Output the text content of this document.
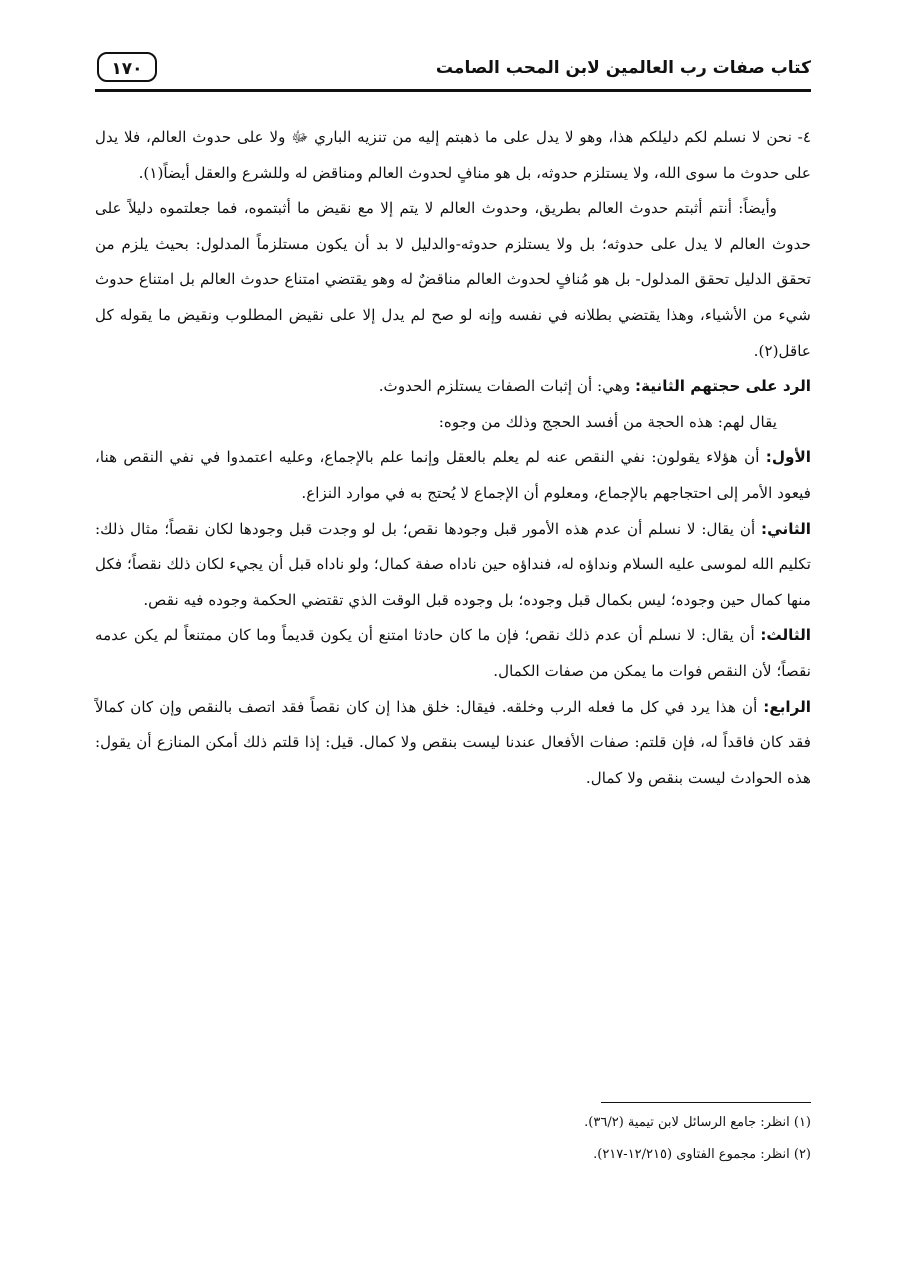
كتاب صفات رب العالمين لابن المحب الصامت
١٧٠

٤- نحن لا نسلم لكم دليلكم هذا، وهو لا يدل على ما ذهبتم إليه من تنزيه الباري ﷻ ولا على حدوث العالم، فلا يدل على حدوث ما سوى الله، ولا يستلزم حدوثه، بل هو منافٍ لحدوث العالم ومناقض له وللشرع والعقل أيضاً(١).

وأيضاً: أنتم أثبتم حدوث العالم بطريق، وحدوث العالم لا يتم إلا مع نقيض ما أثبتموه، فما جعلتموه دليلاً على حدوث العالم لا يدل على حدوثه؛ بل ولا يستلزم حدوثه-والدليل لا بد أن يكون مستلزماً المدلول: بحيث يلزم من تحقق الدليل تحقق المدلول- بل هو مُنافٍ لحدوث العالم مناقضٌ له وهو يقتضي امتناع حدوث العالم بل امتناع حدوث شيء من الأشياء، وهذا يقتضي بطلانه في نفسه وإنه لو صح لم يدل إلا على نقيض المطلوب ونقيض ما يقوله كل عاقل(٢).

الرد على حجتهم الثانية: وهي: أن إثبات الصفات يستلزم الحدوث.

يقال لهم: هذه الحجة من أفسد الحجج وذلك من وجوه:

الأول: أن هؤلاء يقولون: نفي النقص عنه لم يعلم بالعقل وإنما علم بالإجماع، وعليه اعتمدوا في نفي النقص هنا، فيعود الأمر إلى احتجاجهم بالإجماع، ومعلوم أن الإجماع لا يُحتج به في موارد النزاع.

الثاني: أن يقال: لا نسلم أن عدم هذه الأمور قبل وجودها نقص؛ بل لو وجدت قبل وجودها لكان نقصاً؛ مثال ذلك: تكليم الله لموسى عليه السلام ونداؤه له، فنداؤه حين ناداه صفة كمال؛ ولو ناداه قبل أن يجيء لكان ذلك نقصاً؛ فكل منها كمال حين وجوده؛ ليس بكمال قبل وجوده؛ بل وجوده قبل الوقت الذي تقتضي الحكمة وجوده فيه نقص.

الثالث: أن يقال: لا نسلم أن عدم ذلك نقص؛ فإن ما كان حادثا امتنع أن يكون قديماً وما كان ممتنعاً لم يكن عدمه نقصاً؛ لأن النقص فوات ما يمكن من صفات الكمال.

الرابع: أن هذا يرد في كل ما فعله الرب وخلقه. فيقال: خلق هذا إن كان نقصاً فقد اتصف بالنقص وإن كان كمالاً فقد كان فاقداً له، فإن قلتم: صفات الأفعال عندنا ليست بنقص ولا كمال. قيل: إذا قلتم ذلك أمكن المنازع أن يقول: هذه الحوادث ليست بنقص ولا كمال.

(١) انظر: جامع الرسائل لابن تيمية (٣٦/٢).

(٢) انظر: مجموع الفتاوى (١٢/٢١٥-٢١٧).
